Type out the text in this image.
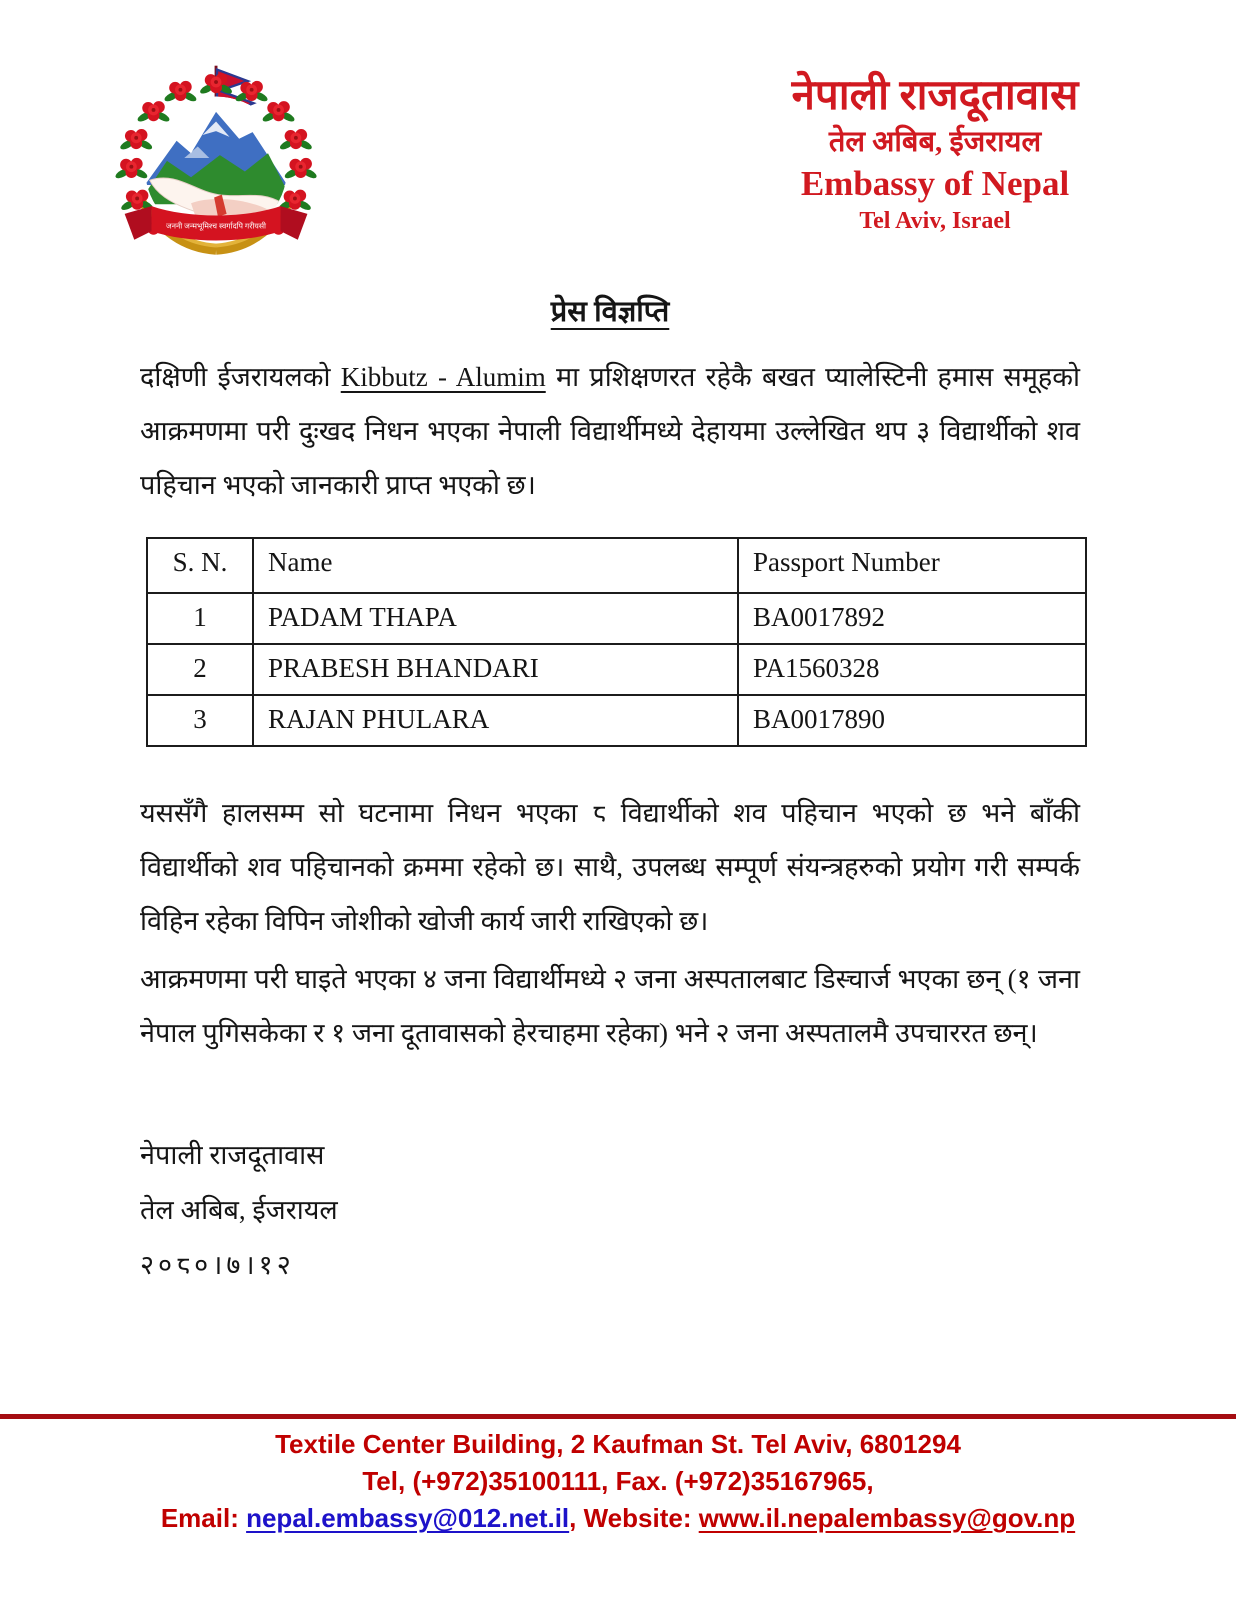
जननी जन्मभूमिश्च स्वर्गादपि गरीयसी
नेपाली राजदूतावास
तेल अबिब, ईजरायल
Embassy of Nepal
Tel Aviv, Israel
प्रेस विज्ञप्ति
दक्षिणी ईजरायलको Kibbutz - Alumim मा प्रशिक्षणरत रहेकै बखत प्यालेस्टिनी हमास समूहको आक्रमणमा परी दुःखद निधन भएका नेपाली विद्यार्थीमध्ये देहायमा उल्लेखित थप ३ विद्यार्थीको शव पहिचान भएको जानकारी प्राप्त भएको छ।
S. N.	Name	Passport Number
1	PADAM THAPA	BA0017892
2	PRABESH BHANDARI	PA1560328
3	RAJAN PHULARA	BA0017890
यससँगै हालसम्म सो घटनामा निधन भएका ८ विद्यार्थीको शव पहिचान भएको छ भने बाँकी विद्यार्थीको शव पहिचानको क्रममा रहेको छ। साथै, उपलब्ध सम्पूर्ण संयन्त्रहरुको प्रयोग गरी सम्पर्क विहिन रहेका विपिन जोशीको खोजी कार्य जारी राखिएको छ।
आक्रमणमा परी घाइते भएका ४ जना विद्यार्थीमध्ये २ जना अस्पतालबाट डिस्चार्ज भएका छन् (१ जना नेपाल पुगिसकेका र १ जना दूतावासको हेरचाहमा रहेका) भने २ जना अस्पतालमै उपचाररत छन्।
नेपाली राजदूतावास
तेल अबिब, ईजरायल
२०८०।७।१२
Textile Center Building, 2 Kaufman St. Tel Aviv, 6801294
Tel, (+972)35100111, Fax. (+972)35167965,
Email: nepal.embassy@012.net.il, Website: www.il.nepalembassy@gov.np
